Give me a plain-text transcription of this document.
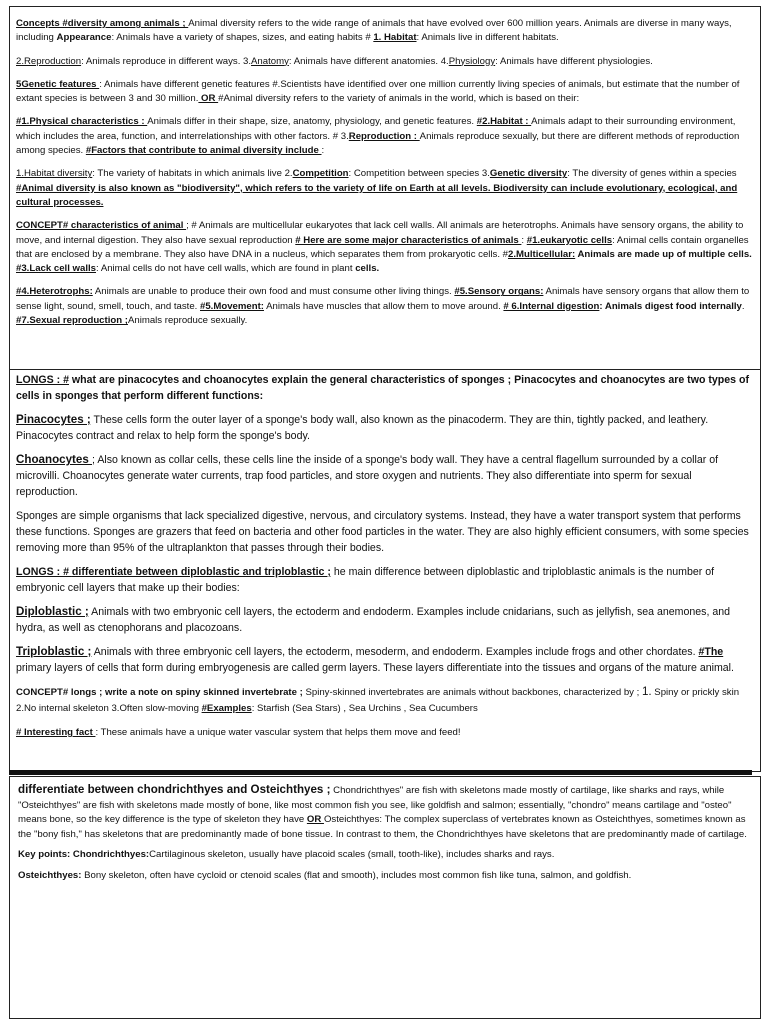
Concepts #diversity among animals ; Animal diversity refers to the wide range of animals that have evolved over 600 million years. Animals are diverse in many ways, including Appearance: Animals have a variety of shapes, sizes, and eating habits # 1. Habitat: Animals live in different habitats.

2.Reproduction: Animals reproduce in different ways. 3.Anatomy: Animals have different anatomies. 4.Physiology: Animals have different physiologies.

5Genetic features : Animals have different genetic features #.Scientists have identified over one million currently living species of animals, but estimate that the number of extant species is between 3 and 30 million. OR #Animal diversity refers to the variety of animals in the world, which is based on their:

#1.Physical characteristics : Animals differ in their shape, size, anatomy, physiology, and genetic features. #2.Habitat : Animals adapt to their surrounding environment, which includes the area, function, and interrelationships with other factors. # 3.Reproduction : Animals reproduce sexually, but there are different methods of reproduction among species. #Factors that contribute to animal diversity include :

1.Habitat diversity: The variety of habitats in which animals live 2.Competition: Competition between species 3.Genetic diversity: The diversity of genes within a species #Animal diversity is also known as "biodiversity", which refers to the variety of life on Earth at all levels. Biodiversity can include evolutionary, ecological, and cultural processes.

CONCEPT# characteristics of animal ; # Animals are multicellular eukaryotes that lack cell walls. All animals are heterotrophs. Animals have sensory organs, the ability to move, and internal digestion. They also have sexual reproduction # Here are some major characteristics of animals : #1.eukaryotic cells: Animal cells contain organelles that are enclosed by a membrane. They also have DNA in a nucleus, which separates them from prokaryotic cells. #2.Multicellular: Animals are made up of multiple cells. #3.Lack cell walls: Animal cells do not have cell walls, which are found in plant cells.

#4.Heterotrophs: Animals are unable to produce their own food and must consume other living things. #5.Sensory organs: Animals have sensory organs that allow them to sense light, sound, smell, touch, and taste. #5.Movement: Animals have muscles that allow them to move around. # 6.Internal digestion: Animals digest food internally. #7.Sexual reproduction ;Animals reproduce sexually.

LONGS : # what are pinacocytes and choanocytes explain the general characteristics of sponges ; Pinacocytes and choanocytes are two types of cells in sponges that perform different functions:

Pinacocytes ; These cells form the outer layer of a sponge's body wall, also known as the pinacoderm. They are thin, tightly packed, and leathery. Pinacocytes contract and relax to help form the sponge's body.

Choanocytes ; Also known as collar cells, these cells line the inside of a sponge's body wall. They have a central flagellum surrounded by a collar of microvilli. Choanocytes generate water currents, trap food particles, and store oxygen and nutrients. They also differentiate into sperm for sexual reproduction.

Sponges are simple organisms that lack specialized digestive, nervous, and circulatory systems. Instead, they have a water transport system that performs these functions. Sponges are grazers that feed on bacteria and other food particles in the water. They are also highly efficient consumers, with some species removing more than 95% of the ultraplankton that passes through their bodies.

LONGS : # differentiate between diploblastic and triploblastic ; he main difference between diploblastic and triploblastic animals is the number of embryonic cell layers that make up their bodies:

Diploblastic ; Animals with two embryonic cell layers, the ectoderm and endoderm. Examples include cnidarians, such as jellyfish, sea anemones, and hydra, as well as ctenophorans and placozoans.

Triploblastic ; Animals with three embryonic cell layers, the ectoderm, mesoderm, and endoderm. Examples include frogs and other chordates. #The primary layers of cells that form during embryogenesis are called germ layers. These layers differentiate into the tissues and organs of the mature animal.

CONCEPT# longs ; write a note on spiny skinned invertebrate ; Spiny-skinned invertebrates are animals without backbones, characterized by ; 1. Spiny or prickly skin 2.No internal skeleton 3.Often slow-moving #Examples: Starfish (Sea Stars) , Sea Urchins , Sea Cucumbers

# Interesting fact : These animals have a unique water vascular system that helps them move and feed!

differentiate between chondrichthyes and Osteichthyes ; Chondrichthyes" are fish with skeletons made mostly of cartilage, like sharks and rays, while "Osteichthyes" are fish with skeletons made mostly of bone, like most common fish you see, like goldfish and salmon; essentially, "chondro" means cartilage and "osteo" means bone, so the key difference is the type of skeleton they have OR Osteichthyes: The complex superclass of vertebrates known as Osteichthyes, sometimes known as the "bony fish," has skeletons that are predominantly made of bone tissue. In contrast to them, the Chondrichthyes have skeletons that are predominantly made of cartilage.

Key points: Chondrichthyes:Cartilaginous skeleton, usually have placoid scales (small, tooth-like), includes sharks and rays.

Osteichthyes: Bony skeleton, often have cycloid or ctenoid scales (flat and smooth), includes most common fish like tuna, salmon, and goldfish.
